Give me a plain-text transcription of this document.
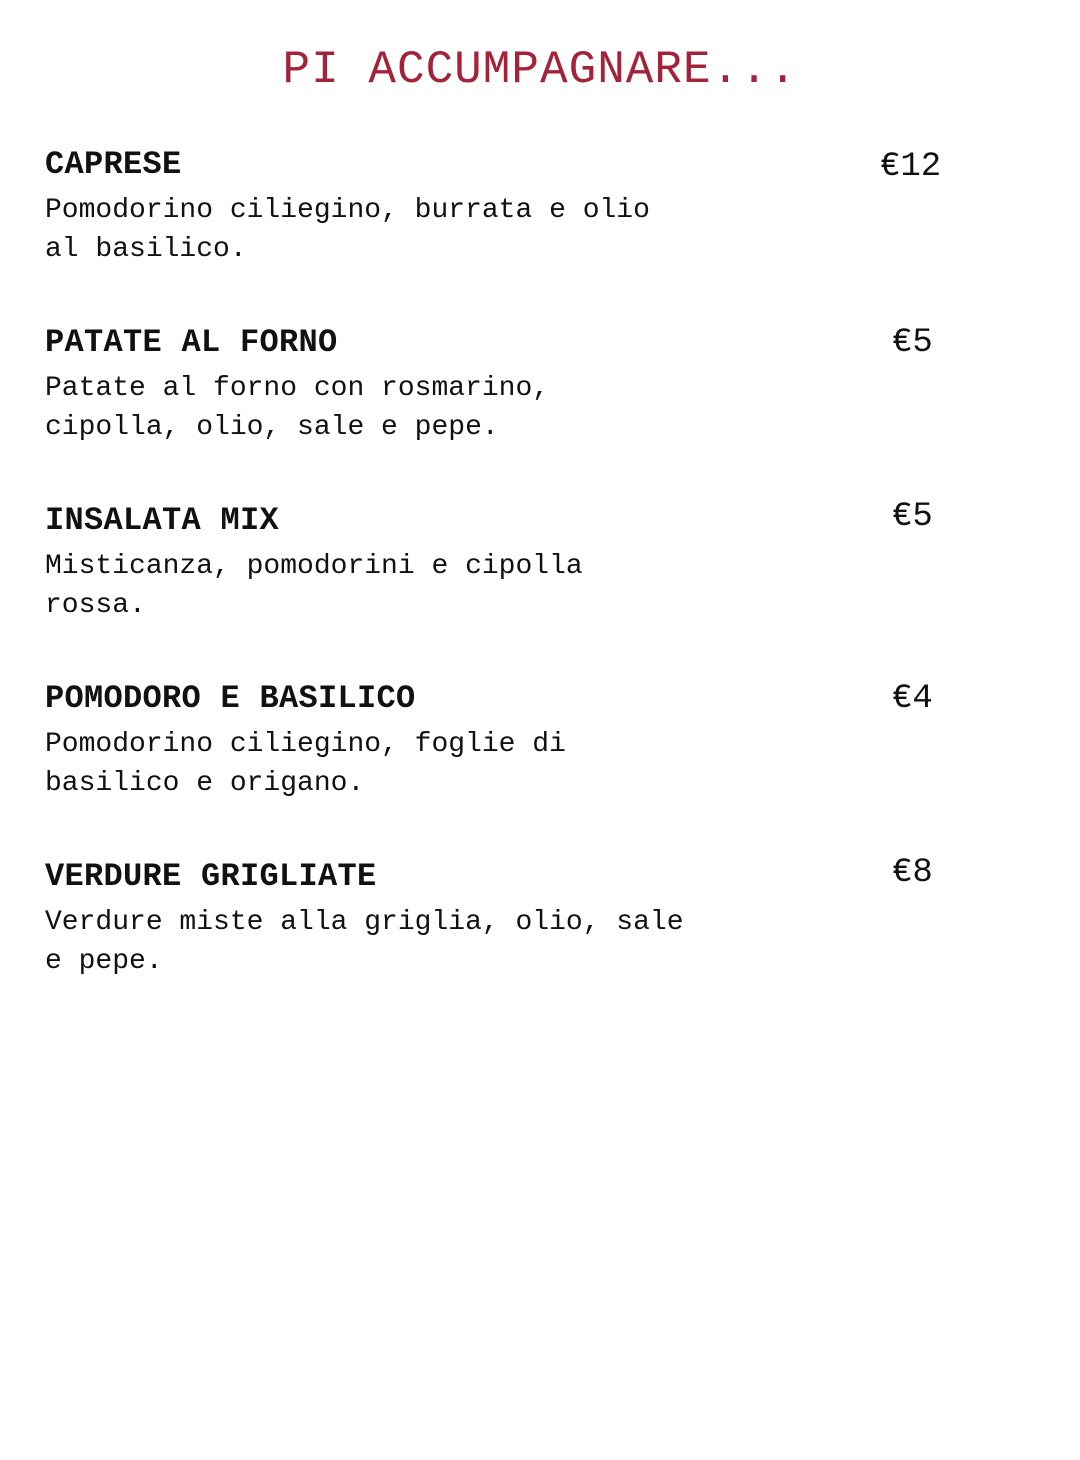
PI ACCUMPAGNARE...
CAPRESE
Pomodorino ciliegino, burrata e olio
al basilico.
€12
PATATE AL FORNO
Patate al forno con rosmarino,
cipolla, olio, sale e pepe.
€5
INSALATA MIX
Misticanza, pomodorini e cipolla
rossa.
€5
POMODORO E BASILICO
Pomodorino ciliegino, foglie di
basilico e origano.
€4
VERDURE GRIGLIATE
Verdure miste alla griglia, olio, sale
e pepe.
€8
